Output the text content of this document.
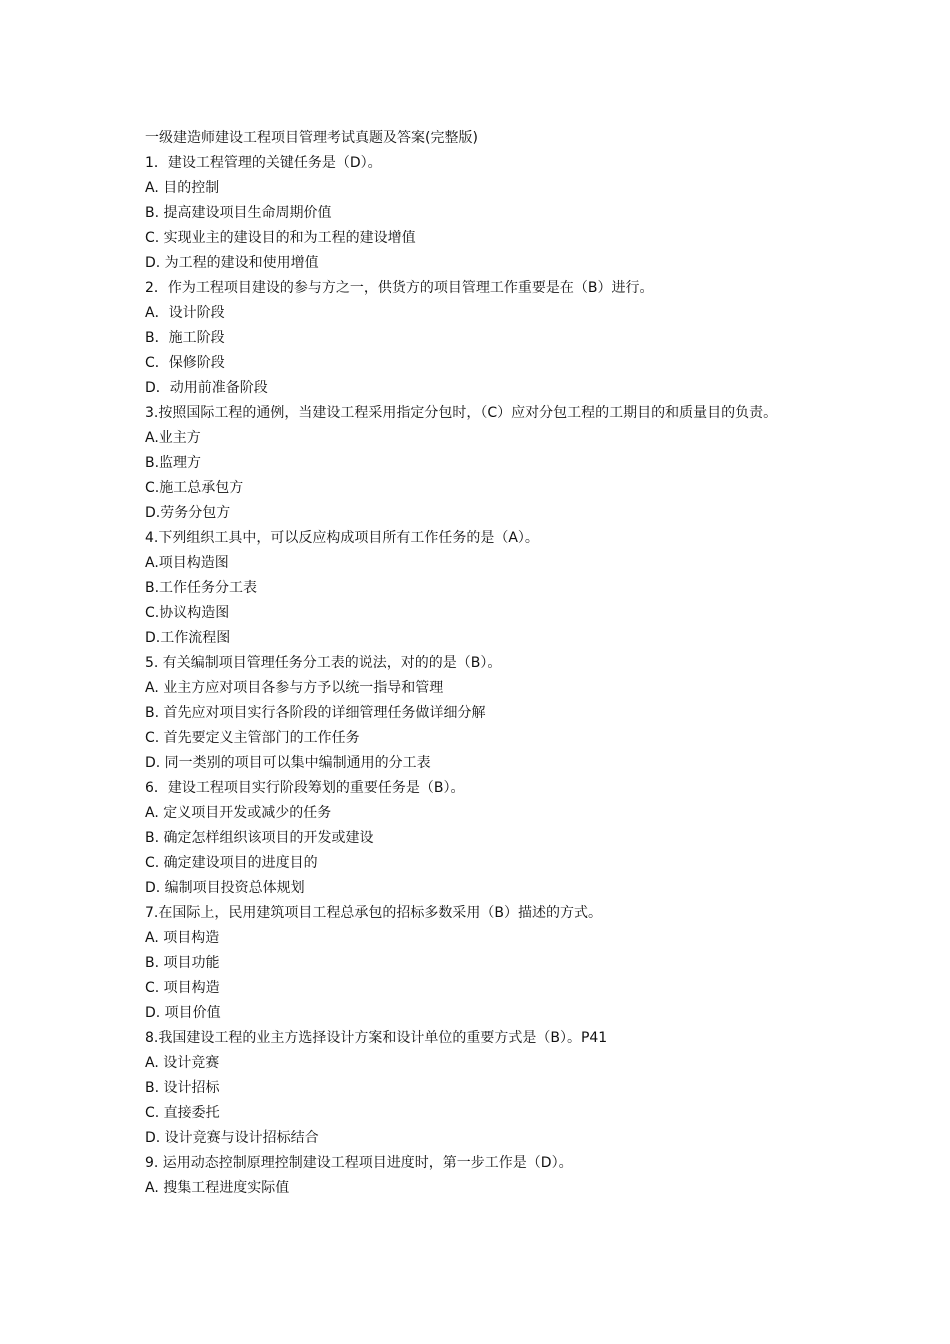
一级建造师建设工程项目管理考试真题及答案(完整版)

1．建设工程管理的关键任务是（D）。

A. 目的控制

B. 提高建设项目生命周期价值

C. 实现业主的建设目的和为工程的建设增值

D. 为工程的建设和使用增值

2．作为工程项目建设的参与方之一，供货方的项目管理工作重要是在（B）进行。

A．设计阶段

B．施工阶段

C．保修阶段

D．动用前准备阶段

3.按照国际工程的通例，当建设工程采用指定分包时，（C）应对分包工程的工期目的和质量目的负责。

A.业主方

B.监理方

C.施工总承包方

D.劳务分包方

4.下列组织工具中，可以反应构成项目所有工作任务的是（A）。

A.项目构造图

B.工作任务分工表

C.协议构造图

D.工作流程图

5. 有关编制项目管理任务分工表的说法，对的的是（B）。

A. 业主方应对项目各参与方予以统一指导和管理

B. 首先应对项目实行各阶段的详细管理任务做详细分解

C. 首先要定义主管部门的工作任务

D. 同一类别的项目可以集中编制通用的分工表

6．建设工程项目实行阶段筹划的重要任务是（B）。

A. 定义项目开发或减少的任务

B. 确定怎样组织该项目的开发或建设

C. 确定建设项目的进度目的

D. 编制项目投资总体规划

7.在国际上，民用建筑项目工程总承包的招标多数采用（B）描述的方式。

A. 项目构造

B. 项目功能

C. 项目构造

D. 项目价值

8.我国建设工程的业主方选择设计方案和设计单位的重要方式是（B）。P41

A. 设计竞赛

B. 设计招标

C. 直接委托

D. 设计竞赛与设计招标结合

9. 运用动态控制原理控制建设工程项目进度时，第一步工作是（D）。

A. 搜集工程进度实际值
